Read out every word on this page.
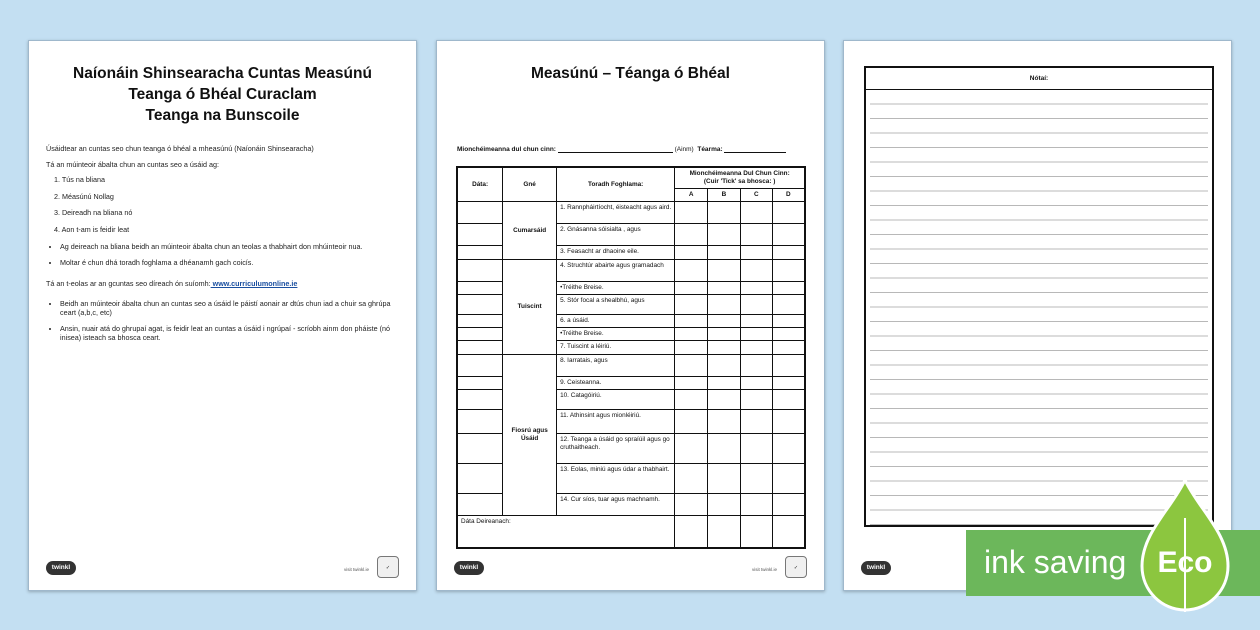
Naíonáin Shinsearacha Cuntas Measúnú
Teanga ó Bhéal Curaclam
Teanga na Bunscoile

Úsáidtear an cuntas seo chun teanga ó bhéal a mheasúnú (Naíonáin Shinsearacha)

Tá an múinteoir ábalta chun an cuntas seo a úsáid ag:

1. Tús na bliana
2. Méasúnú Nollag
3. Deireadh na bliana nó
4. Aon t-am is feidir leat
• Ag deireach na bliana beidh an múinteoir ábalta chun an teolas a thabhairt don mhúinteoir nua.
• Moltar é chun dhá toradh foghlama a dhéanamh gach coicís.

Tá an t-eolas ar an gcuntas seo díreach ón suíomh: www.curriculumonline.ie

• Beidh an múinteoir ábalta chun an cuntas seo a úsáid le páistí aonair ar dtús chun iad a chuir sa ghrúpa ceart (a,b,c, etc)
• Ansin, nuair atá do ghrupaí agat, is feidir leat an cuntas a úsáid i ngrúpaí - scríobh ainm don pháiste (nó inisea) isteach sa bhosca ceart.
twinkl	visit twinkl.ie	✓
Measúnú – Téanga ó Bhéal
Mionchéimeanna dul chun cinn:	(Ainm) Téarma:
Dáta:	Gné	Toradh Foghlama:	Mionchéimeanna Dul Chun Cinn:
(Cuir 'Tick' sa bhosca: )			
			A	B	C	D
	Cumarsáid	1. Rannpháirtíocht, éisteacht agus aird.				
		2. Gnásanna sóisialta , agus				
		3. Feasacht ar dhaoine eile.				
	Tuiscint	4. Struchtúr abairte agus gramadach				
		•Tréithe Breise.				
		5. Stór focal a shealbhú, agus				
		6. a úsáid.				
		•Tréithe Breise.				
		7. Tuiscint a léiriú.				
	Fiosrú agus Úsáid	8. Iarratais, agus				
		9. Ceisteanna.				
		10. Catagóiriú.				
		11. Athinsint agus mionléiriú.				
		12. Teanga a úsáid go spraíúil agus go cruthaitheach.				
		13. Eolas, miniú agus údar a thabhairt.				
		14. Cur síos, tuar agus machnamh.				
Dáta Deireanach:						
twinkl	visit twinkl.ie	✓
Nótaí:
twinkl	ink saving Eco
